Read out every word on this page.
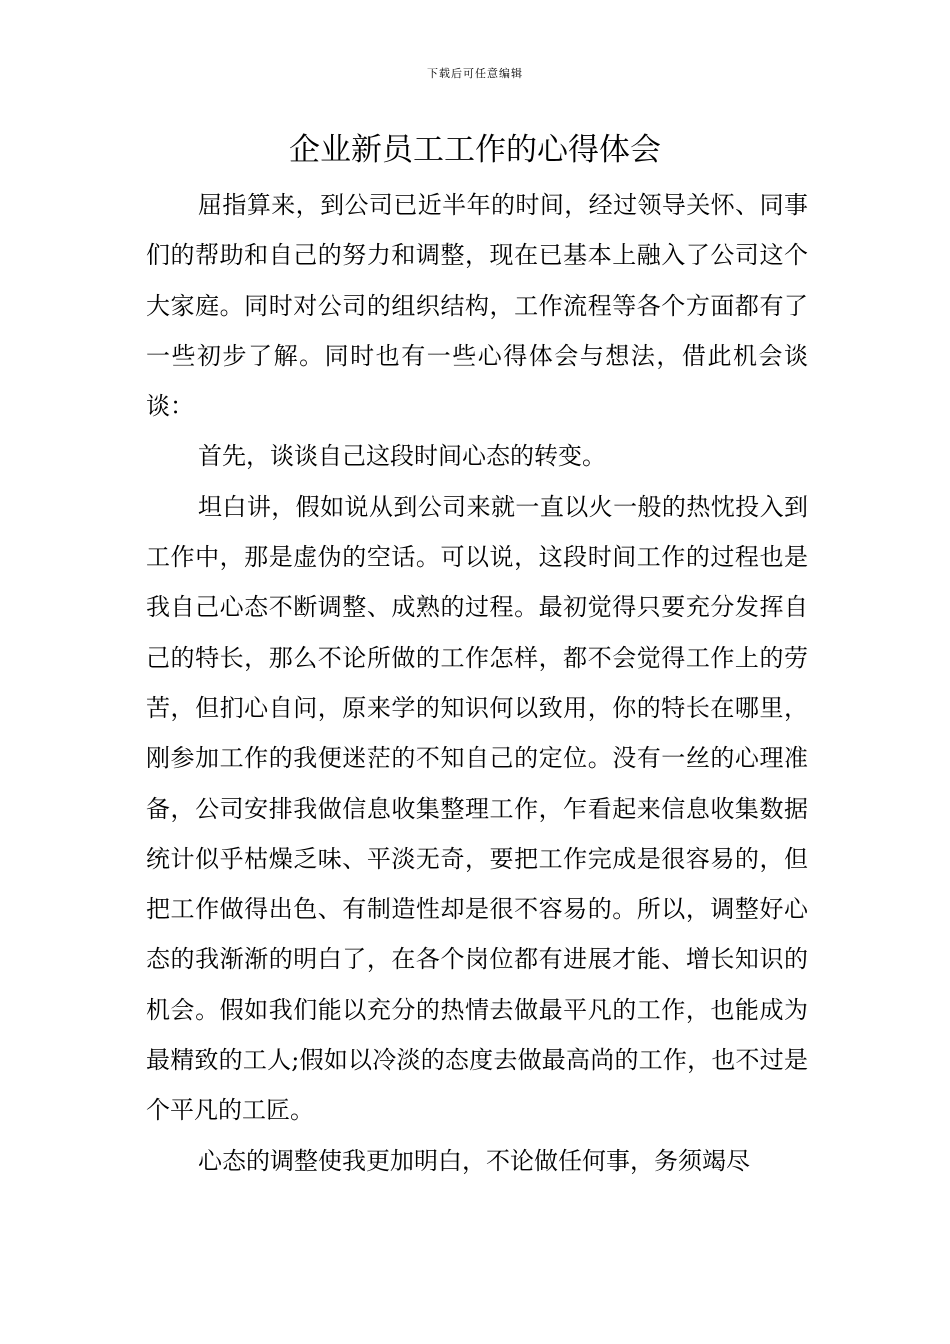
下载后可任意编辑
企业新员工工作的心得体会

屈指算来，到公司已近半年的时间，经过领导关怀、同事们的帮助和自己的努力和调整，现在已基本上融入了公司这个大家庭。同时对公司的组织结构，工作流程等各个方面都有了一些初步了解。同时也有一些心得体会与想法，借此机会谈谈：

首先，谈谈自己这段时间心态的转变。

坦白讲，假如说从到公司来就一直以火一般的热忱投入到工作中，那是虚伪的空话。可以说，这段时间工作的过程也是我自己心态不断调整、成熟的过程。最初觉得只要充分发挥自己的特长，那么不论所做的工作怎样，都不会觉得工作上的劳苦，但扪心自问，原来学的知识何以致用，你的特长在哪里，刚参加工作的我便迷茫的不知自己的定位。没有一丝的心理准备，公司安排我做信息收集整理工作，乍看起来信息收集数据统计似乎枯燥乏味、平淡无奇，要把工作完成是很容易的，但把工作做得出色、有制造性却是很不容易的。所以，调整好心态的我渐渐的明白了，在各个岗位都有进展才能、增长知识的机会。假如我们能以充分的热情去做最平凡的工作，也能成为最精致的工人;假如以冷淡的态度去做最高尚的工作，也不过是个平凡的工匠。

心态的调整使我更加明白，不论做任何事，务须竭尽
